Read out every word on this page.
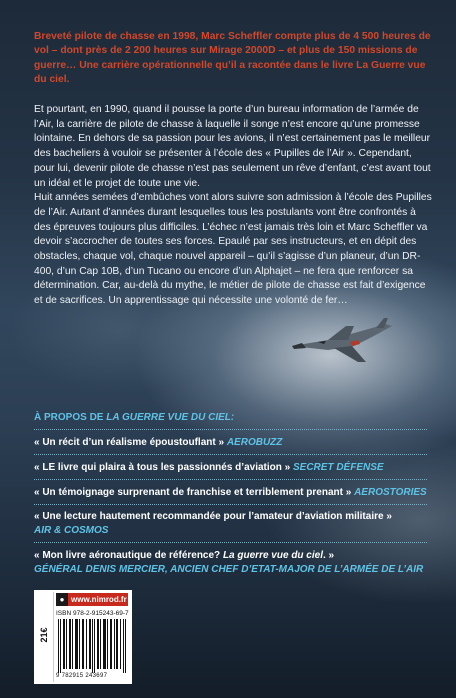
Breveté pilote de chasse en 1998, Marc Scheffler compte plus de 4 500 heures de vol – dont près de 2 200 heures sur Mirage 2000D – et plus de 150 missions de guerre… Une carrière opérationnelle qu’il a racontée dans le livre La Guerre vue du ciel.

Et pourtant, en 1990, quand il pousse la porte d’un bureau information de l’armée de l’Air, la carrière de pilote de chasse à laquelle il songe n’est encore qu’une promesse lointaine. En dehors de sa passion pour les avions, il n’est certainement pas le meilleur des bacheliers à vouloir se présenter à l’école des « Pupilles de l’Air ». Cependant, pour lui, devenir pilote de chasse n’est pas seulement un rêve d’enfant, c’est avant tout un idéal et le projet de toute une vie.

Huit années semées d’embûches vont alors suivre son admission à l’école des Pupilles de l’Air. Autant d’années durant lesquelles tous les postulants vont être confrontés à des épreuves toujours plus difficiles. L’échec n’est jamais très loin et Marc Scheffler va devoir s’accrocher de toutes ses forces. Epaulé par ses instructeurs, et en dépit des obstacles, chaque vol, chaque nouvel appareil – qu’il s’agisse d’un planeur, d’un DR-400, d’un Cap 10B, d’un Tucano ou encore d’un Alphajet – ne fera que renforcer sa détermination. Car, au-delà du mythe, le métier de pilote de chasse est fait d’exigence et de sacrifices. Un apprentissage qui nécessite une volonté de fer…

À PROPOS DE LA GUERRE VUE DU CIEL:

« Un récit d’un réalisme époustouflant » AEROBUZZ

« LE livre qui plaira à tous les passionnés d’aviation » SECRET DÉFENSE

« Un témoignage surprenant de franchise et terriblement prenant » AEROSTORIES

« Une lecture hautement recommandée pour l’amateur d’aviation militaire »
AIR & COSMOS

« Mon livre aéronautique de référence? La guerre vue du ciel. »
GÉNÉRAL DENIS MERCIER, ANCIEN CHEF D’ETAT-MAJOR DE L’ARMÉE DE L’AIR

21€
● www.nimrod.fr
ISBN 978-2-915243-69-7
9 782915 243697
